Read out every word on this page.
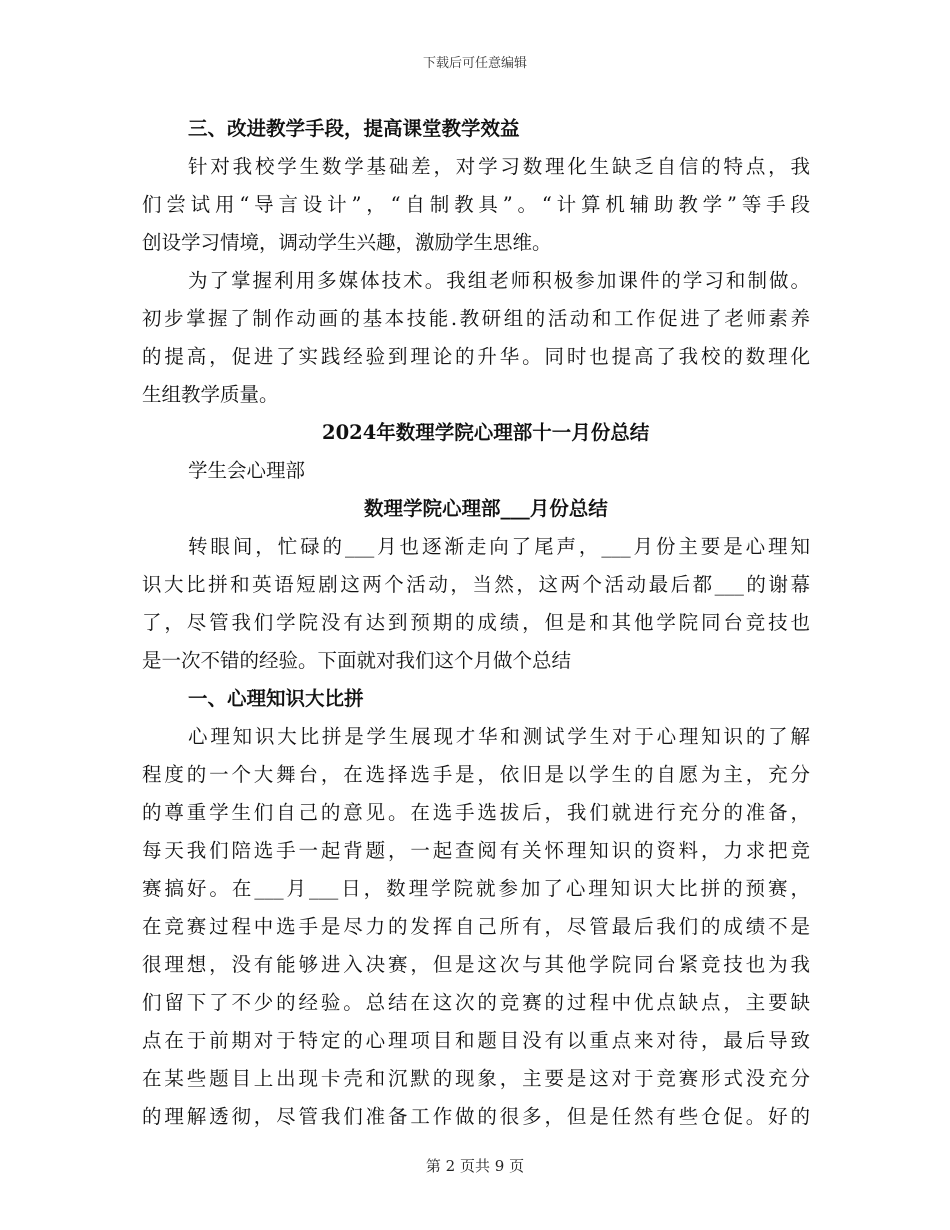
下载后可任意编辑
三、改进教学手段，提高课堂教学效益
针对我校学生数学基础差，对学习数理化生缺乏自信的特点，我
们尝试用“导言设计”，“自制教具”。“计算机辅助教学”等手段
创设学习情境，调动学生兴趣，激励学生思维。
为了掌握利用多媒体技术。我组老师积极参加课件的学习和制做。
初步掌握了制作动画的基本技能.教研组的活动和工作促进了老师素养
的提高，促进了实践经验到理论的升华。同时也提高了我校的数理化
生组教学质量。
2024年数理学院心理部十一月份总结
学生会心理部
数理学院心理部___月份总结
转眼间，忙碌的___月也逐渐走向了尾声，___月份主要是心理知
识大比拼和英语短剧这两个活动，当然，这两个活动最后都___的谢幕
了，尽管我们学院没有达到预期的成绩，但是和其他学院同台竞技也
是一次不错的经验。下面就对我们这个月做个总结
一、心理知识大比拼
心理知识大比拼是学生展现才华和测试学生对于心理知识的了解
程度的一个大舞台，在选择选手是，依旧是以学生的自愿为主，充分
的尊重学生们自己的意见。在选手选拔后，我们就进行充分的准备，
每天我们陪选手一起背题，一起查阅有关怀理知识的资料，力求把竞
赛搞好。在___月___日，数理学院就参加了心理知识大比拼的预赛，
在竞赛过程中选手是尽力的发挥自己所有，尽管最后我们的成绩不是
很理想，没有能够进入决赛，但是这次与其他学院同台紧竞技也为我
们留下了不少的经验。总结在这次的竞赛的过程中优点缺点，主要缺
点在于前期对于特定的心理项目和题目没有以重点来对待，最后导致
在某些题目上出现卡壳和沉默的现象，主要是这对于竞赛形式没充分
的理解透彻，尽管我们准备工作做的很多，但是任然有些仓促。好的
第 2 页共 9 页
